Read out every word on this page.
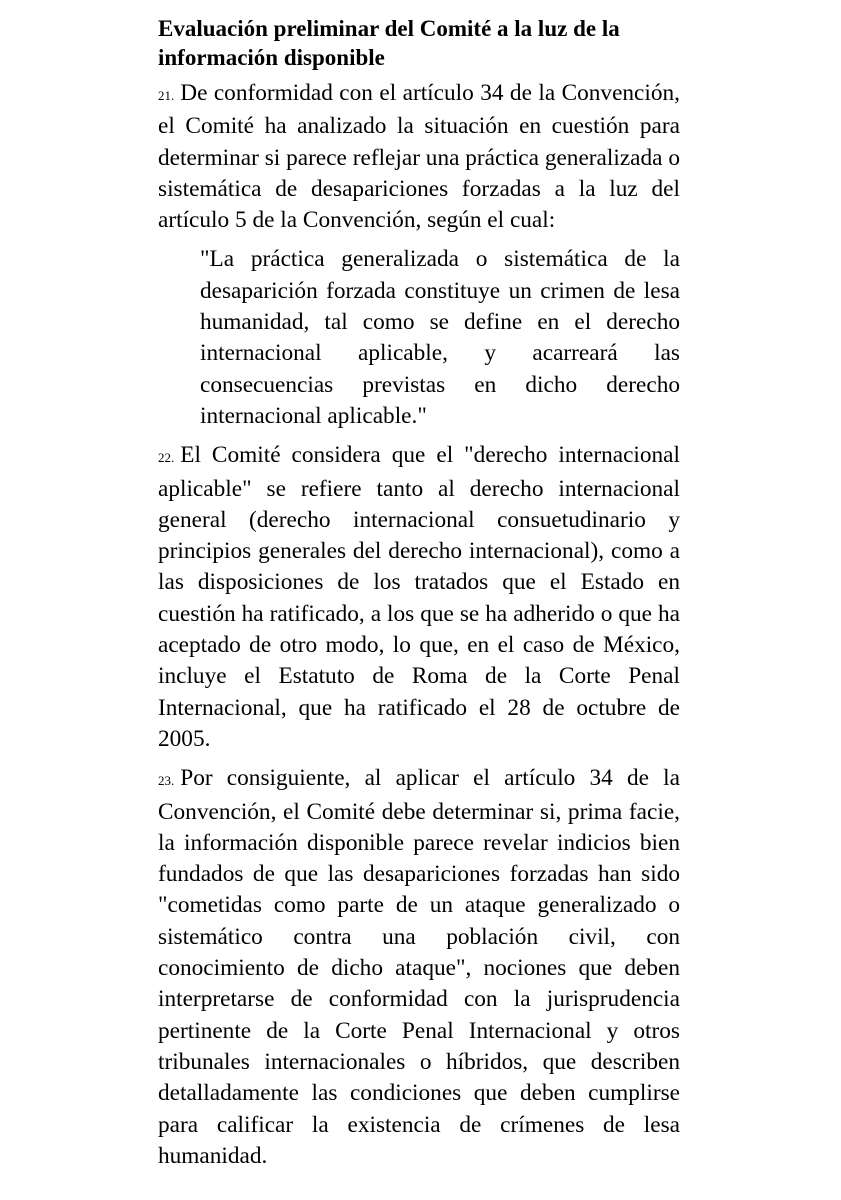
Evaluación preliminar del Comité a la luz de la información disponible

21. De conformidad con el artículo 34 de la Convención, el Comité ha analizado la situación en cuestión para determinar si parece reflejar una práctica generalizada o sistemática de desapariciones forzadas a la luz del artículo 5 de la Convención, según el cual:

"La práctica generalizada o sistemática de la desaparición forzada constituye un crimen de lesa humanidad, tal como se define en el derecho internacional aplicable, y acarreará las consecuencias previstas en dicho derecho internacional aplicable."

22. El Comité considera que el "derecho internacional aplicable" se refiere tanto al derecho internacional general (derecho internacional consuetudinario y principios generales del derecho internacional), como a las disposiciones de los tratados que el Estado en cuestión ha ratificado, a los que se ha adherido o que ha aceptado de otro modo, lo que, en el caso de México, incluye el Estatuto de Roma de la Corte Penal Internacional, que ha ratificado el 28 de octubre de 2005.

23. Por consiguiente, al aplicar el artículo 34 de la Convención, el Comité debe determinar si, prima facie, la información disponible parece revelar indicios bien fundados de que las desapariciones forzadas han sido "cometidas como parte de un ataque generalizado o sistemático contra una población civil, con conocimiento de dicho ataque", nociones que deben interpretarse de conformidad con la jurisprudencia pertinente de la Corte Penal Internacional y otros tribunales internacionales o híbridos, que describen detalladamente las condiciones que deben cumplirse para calificar la existencia de crímenes de lesa humanidad.
